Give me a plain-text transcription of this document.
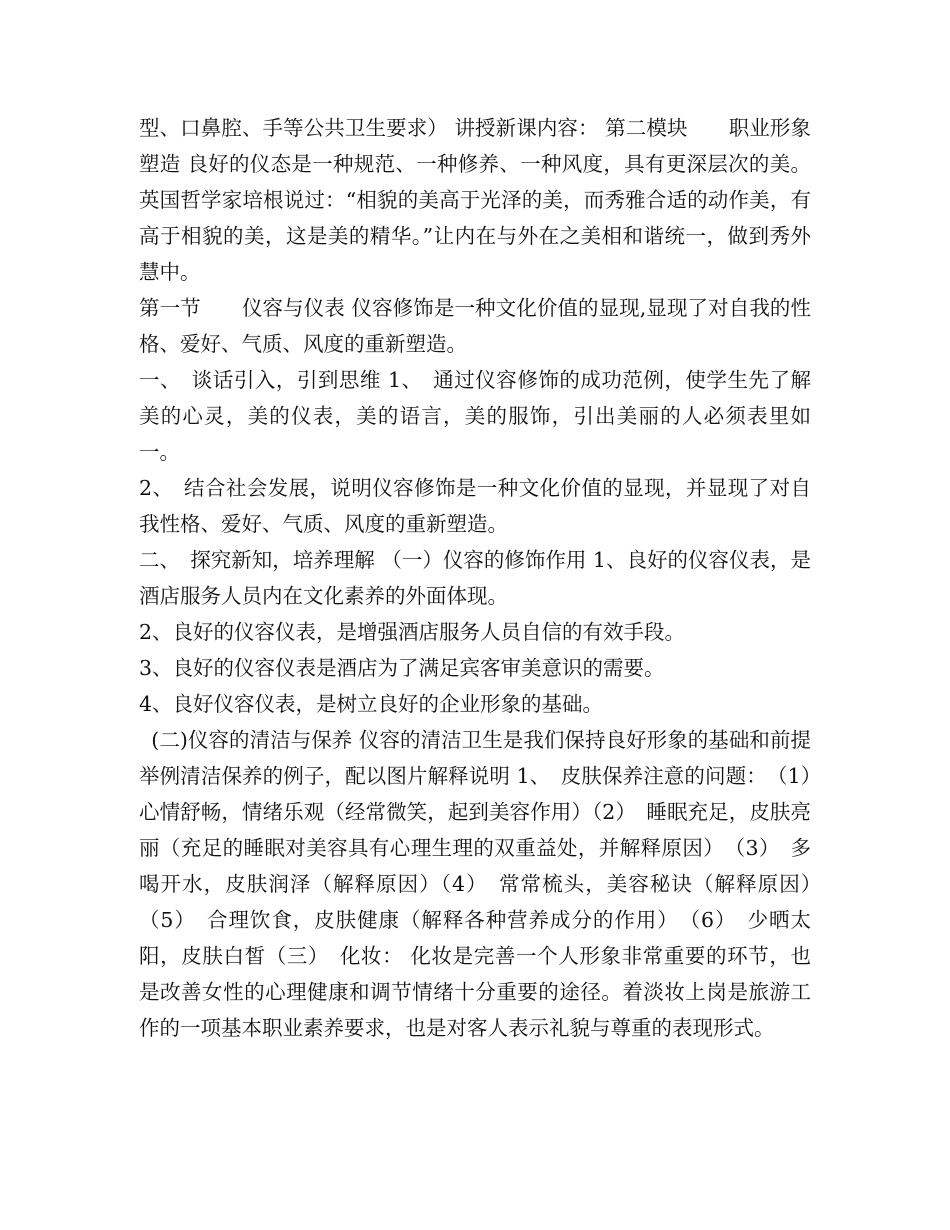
型、口鼻腔、手等公共卫生要求） 讲授新课内容： 第二模块　　职业形象塑造 良好的仪态是一种规范、一种修养、一种风度，具有更深层次的美。英国哲学家培根说过：“相貌的美高于光泽的美，而秀雅合适的动作美，有高于相貌的美，这是美的精华。”让内在与外在之美相和谐统一，做到秀外慧中。

第一节　　仪容与仪表 仪容修饰是一种文化价值的显现,显现了对自我的性格、爱好、气质、风度的重新塑造。

一、　谈话引入，引到思维 1、　通过仪容修饰的成功范例，使学生先了解美的心灵，美的仪表，美的语言，美的服饰，引出美丽的人必须表里如一。

2、　结合社会发展，说明仪容修饰是一种文化价值的显现，并显现了对自我性格、爱好、气质、风度的重新塑造。

二、　探究新知，培养理解 （一）仪容的修饰作用 1、良好的仪容仪表，是酒店服务人员内在文化素养的外面体现。

2、良好的仪容仪表，是增强酒店服务人员自信的有效手段。

3、良好的仪容仪表是酒店为了满足宾客审美意识的需要。

4、良好仪容仪表，是树立良好的企业形象的基础。

(二)仪容的清洁与保养 仪容的清洁卫生是我们保持良好形象的基础和前提 举例清洁保养的例子，配以图片解释说明 1、　皮肤保养注意的问题：　（1）　心情舒畅，情绪乐观（经常微笑，起到美容作用）（2）　睡眠充足，皮肤亮丽（充足的睡眠对美容具有心理生理的双重益处，并解释原因）　（3）　多喝开水，皮肤润泽（解释原因）（4）　常常梳头，美容秘诀（解释原因）　（5）　合理饮食，皮肤健康（解释各种营养成分的作用）　（6）　少晒太阳，皮肤白皙（三）　化妆： 化妆是完善一个人形象非常重要的环节，也是改善女性的心理健康和调节情绪十分重要的途径。着淡妆上岗是旅游工作的一项基本职业素养要求，也是对客人表示礼貌与尊重的表现形式。
